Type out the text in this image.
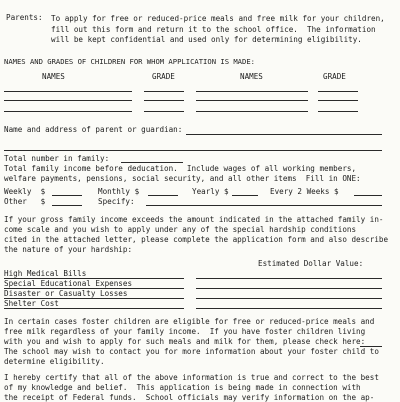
Parents: To apply for free or reduced-price meals and free milk for your children,
fill out this form and return it to the school office.  The information
will be kept confidential and used only for determining eligibility.
NAMES AND GRADES OF CHILDREN FOR WHOM APPLICATION IS MADE:
NAMES	GRADE	NAMES	GRADE
Name and address of parent or guardian:
Total number in family:
Total family income before deducation.  Include wages of all working members,
welfare payments, pensions, social security, and all other items  Fill in ONE:
Weekly  $	Monthly $	Yearly $	Every 2 Weeks $
Other   $	Specify:
If your gross family income exceeds the amount indicated in the attached family in-
come scale and you wish to apply under any of the special hardship conditions
cited in the attached letter, please complete the application form and also describe
the nature of your hardship:
Estimated Dollar Value:
High Medical Bills
Special Educational Expenses
Disaster or Casualty Losses
Shelter Cost
In certain cases foster children are eligible for free or reduced-price meals and
free milk regardless of your family income.  If you have foster children living
with you and wish to apply for such meals and milk for them, please check here:
The school may wish to contact you for more information about your foster child to
determine eligibility.
I hereby certify that all of the above information is true and correct to the best
of my knowledge and belief.  This application is being made in connection with
the receipt of Federal funds.  School officials may verify information on the ap-
